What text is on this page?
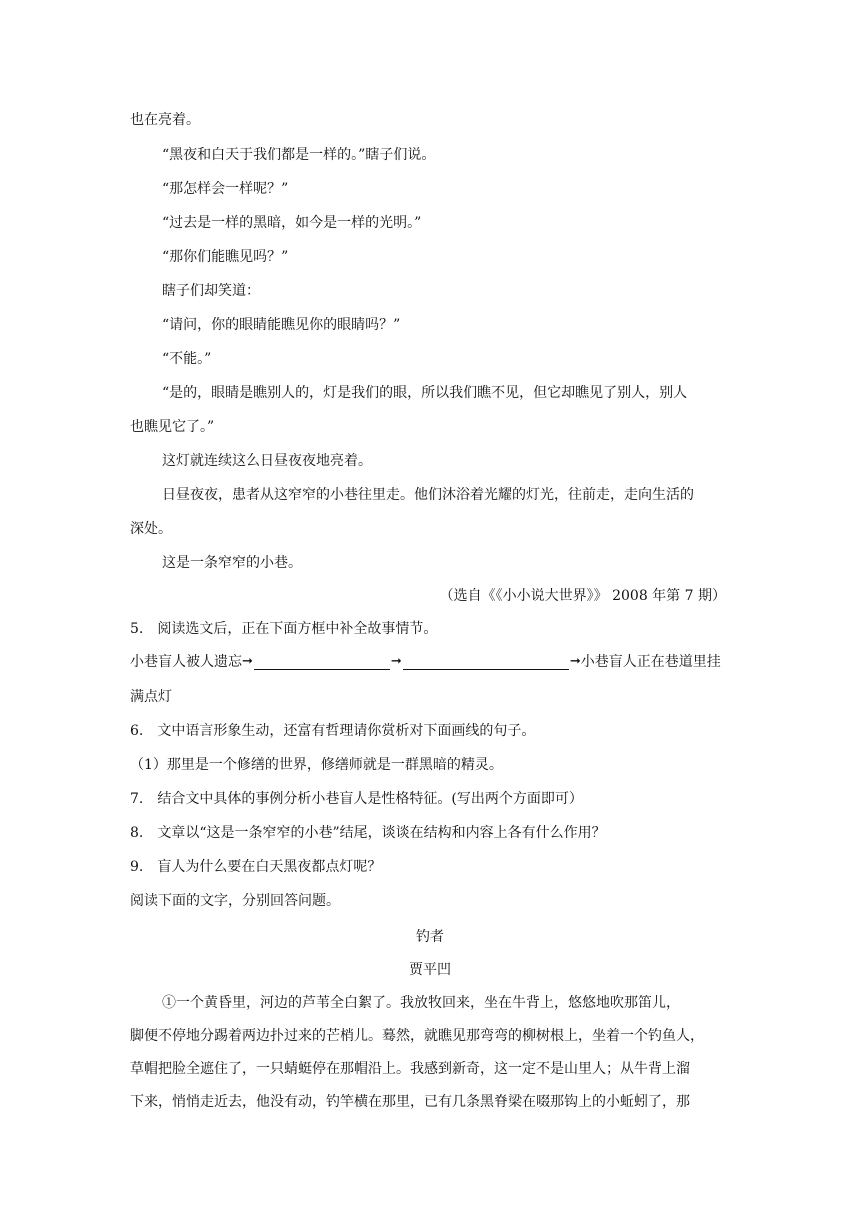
也在亮着。
“黑夜和白天于我们都是一样的。”瞎子们说。
“那怎样会一样呢？”
“过去是一样的黑暗，如今是一样的光明。”
“那你们能瞧见吗？”
瞎子们却笑道：
“请问，你的眼睛能瞧见你的眼睛吗？”
“不能。”
“是的，眼睛是瞧别人的，灯是我们的眼，所以我们瞧不见，但它却瞧见了别人，别人
也瞧见它了。”
这灯就连续这么日昼夜夜地亮着。
日昼夜夜，患者从这窄窄的小巷往里走。他们沐浴着光耀的灯光，往前走，走向生活的
深处。
这是一条窄窄的小巷。
（选自《《小小说大世界》》 2008 年第 7 期）
5.　阅读选文后，正在下面方框中补全故事情节。
小巷盲人被人遗忘 ➞	➞	➞ 小巷盲人正在巷道里挂
满点灯
6.　文中语言形象生动，还富有哲理请你赏析对下面画线的句子。
（1）那里是一个修缮的世界，修缮师就是一群黑暗的精灵。
7.　结合文中具体的事例分析小巷盲人是性格特征。(写出两个方面即可）
8.　文章以“这是一条窄窄的小巷”结尾，谈谈在结构和内容上各有什么作用？
9.　盲人为什么要在白天黑夜都点灯呢？
阅读下面的文字，分别回答问题。
钓者
贾平凹
①一个黄昏里，河边的芦苇全白絮了。我放牧回来，坐在牛背上，悠悠地吹那笛儿，
脚便不停地分踢着两边扑过来的芒梢儿。蓦然，就瞧见那弯弯的柳树根上，坐着一个钓鱼人，
草帽把脸全遮住了，一只蜻蜓停在那帽沿上。我感到新奇，这一定不是山里人；从牛背上溜
下来，悄悄走近去，他没有动，钓竿横在那里，已有几条黑脊梁在啜那钩上的小蚯蚓了，那
